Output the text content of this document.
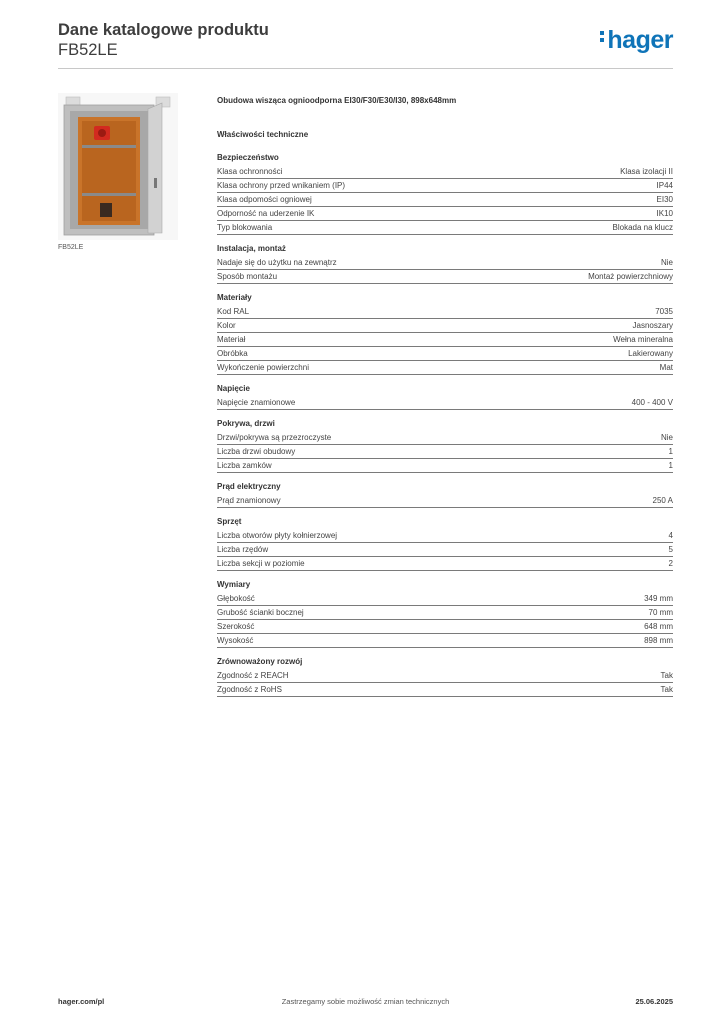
Dane katalogowe produktu
FB52LE	hager
FB52LE
Obudowa wisząca ognioodporna EI30/F30/E30/I30, 898x648mm
Właściwości techniczne
Bezpieczeństwo
Klasa ochronności	Klasa izolacji II
Klasa ochrony przed wnikaniem (IP)	IP44
Klasa odpomości ogniowej	EI30
Odporność na uderzenie IK	IK10
Typ blokowania	Blokada na klucz
Instalacja, montaż
Nadaje się do użytku na zewnątrz	Nie
Sposób montażu	Montaż powierzchniowy
Materiały
Kod RAL	7035
Kolor	Jasnoszary
Materiał	Wełna mineralna
Obróbka	Lakierowany
Wykończenie powierzchni	Mat
Napięcie
Napięcie znamionowe	400 - 400 V
Pokrywa, drzwi
Drzwi/pokrywa są przezroczyste	Nie
Liczba drzwi obudowy	1
Liczba zamków	1
Prąd elektryczny
Prąd znamionowy	250 A
Sprzęt
Liczba otworów płyty kołnierzowej	4
Liczba rzędów	5
Liczba sekcji w poziomie	2
Wymiary
Głębokość	349 mm
Grubość ścianki bocznej	70 mm
Szerokość	648 mm
Wysokość	898 mm
Zrównoważony rozwój
Zgodność z REACH	Tak
Zgodność z RoHS	Tak
hager.com/pl	Zastrzegamy sobie możliwość zmian technicznych	25.06.2025
